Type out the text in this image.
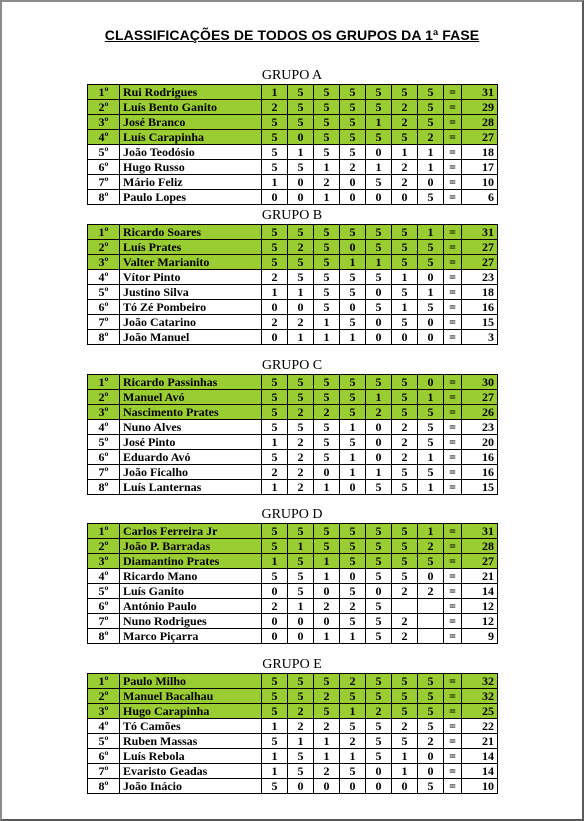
CLASSIFICAÇÕES DE TODOS OS GRUPOS DA 1ª FASE
GRUPO A
1º	Rui Rodrigues	1	5	5	5	5	5	5	=	31
2º	Luís Bento Ganito	2	5	5	5	5	2	5	=	29
3º	José Branco	5	5	5	5	1	2	5	=	28
4º	Luís Carapinha	5	0	5	5	5	5	2	=	27
5º	João Teodósio	5	1	5	5	0	1	1	=	18
6º	Hugo Russo	5	5	1	2	1	2	1	=	17
7º	Mário Feliz	1	0	2	0	5	2	0	=	10
8º	Paulo Lopes	0	0	1	0	0	0	5	=	6
GRUPO B
1º	Ricardo Soares	5	5	5	5	5	5	1	=	31
2º	Luís Prates	5	2	5	0	5	5	5	=	27
3º	Valter Marianito	5	5	5	1	1	5	5	=	27
4º	Vítor Pinto	2	5	5	5	5	1	0	=	23
5º	Justino Silva	1	1	5	5	0	5	1	=	18
6º	Tó Zé Pombeiro	0	0	5	0	5	1	5	=	16
7º	João Catarino	2	2	1	5	0	5	0	=	15
8º	João Manuel	0	1	1	1	0	0	0	=	3
GRUPO C
1º	Ricardo Passinhas	5	5	5	5	5	5	0	=	30
2º	Manuel Avó	5	5	5	5	1	5	1	=	27
3º	Nascimento Prates	5	2	2	5	2	5	5	=	26
4º	Nuno Alves	5	5	5	1	0	2	5	=	23
5º	José Pinto	1	2	5	5	0	2	5	=	20
6º	Eduardo Avó	5	2	5	1	0	2	1	=	16
7º	João Ficalho	2	2	0	1	1	5	5	=	16
8º	Luís Lanternas	1	2	1	0	5	5	1	=	15
GRUPO D
1º	Carlos Ferreira Jr	5	5	5	5	5	5	1	=	31
2º	João P. Barradas	5	1	5	5	5	5	2	=	28
3º	Diamantino Prates	1	5	1	5	5	5	5	=	27
4º	Ricardo Mano	5	5	1	0	5	5	0	=	21
5º	Luís Ganito	0	5	0	5	0	2	2	=	14
6º	António Paulo	2	1	2	2	5			=	12
7º	Nuno Rodrigues	0	0	0	5	5	2		=	12
8º	Marco Piçarra	0	0	1	1	5	2		=	9
GRUPO E
1º	Paulo Milho	5	5	5	2	5	5	5	=	32
2º	Manuel Bacalhau	5	5	2	5	5	5	5	=	32
3º	Hugo Carapinha	5	2	5	1	2	5	5	=	25
4º	Tó Camões	1	2	2	5	5	2	5	=	22
5º	Ruben Massas	5	1	1	2	5	5	2	=	21
6º	Luís Rebola	1	5	1	1	5	1	0	=	14
7º	Evaristo Geadas	1	5	2	5	0	1	0	=	14
8º	João Inácio	5	0	0	0	0	0	5	=	10
